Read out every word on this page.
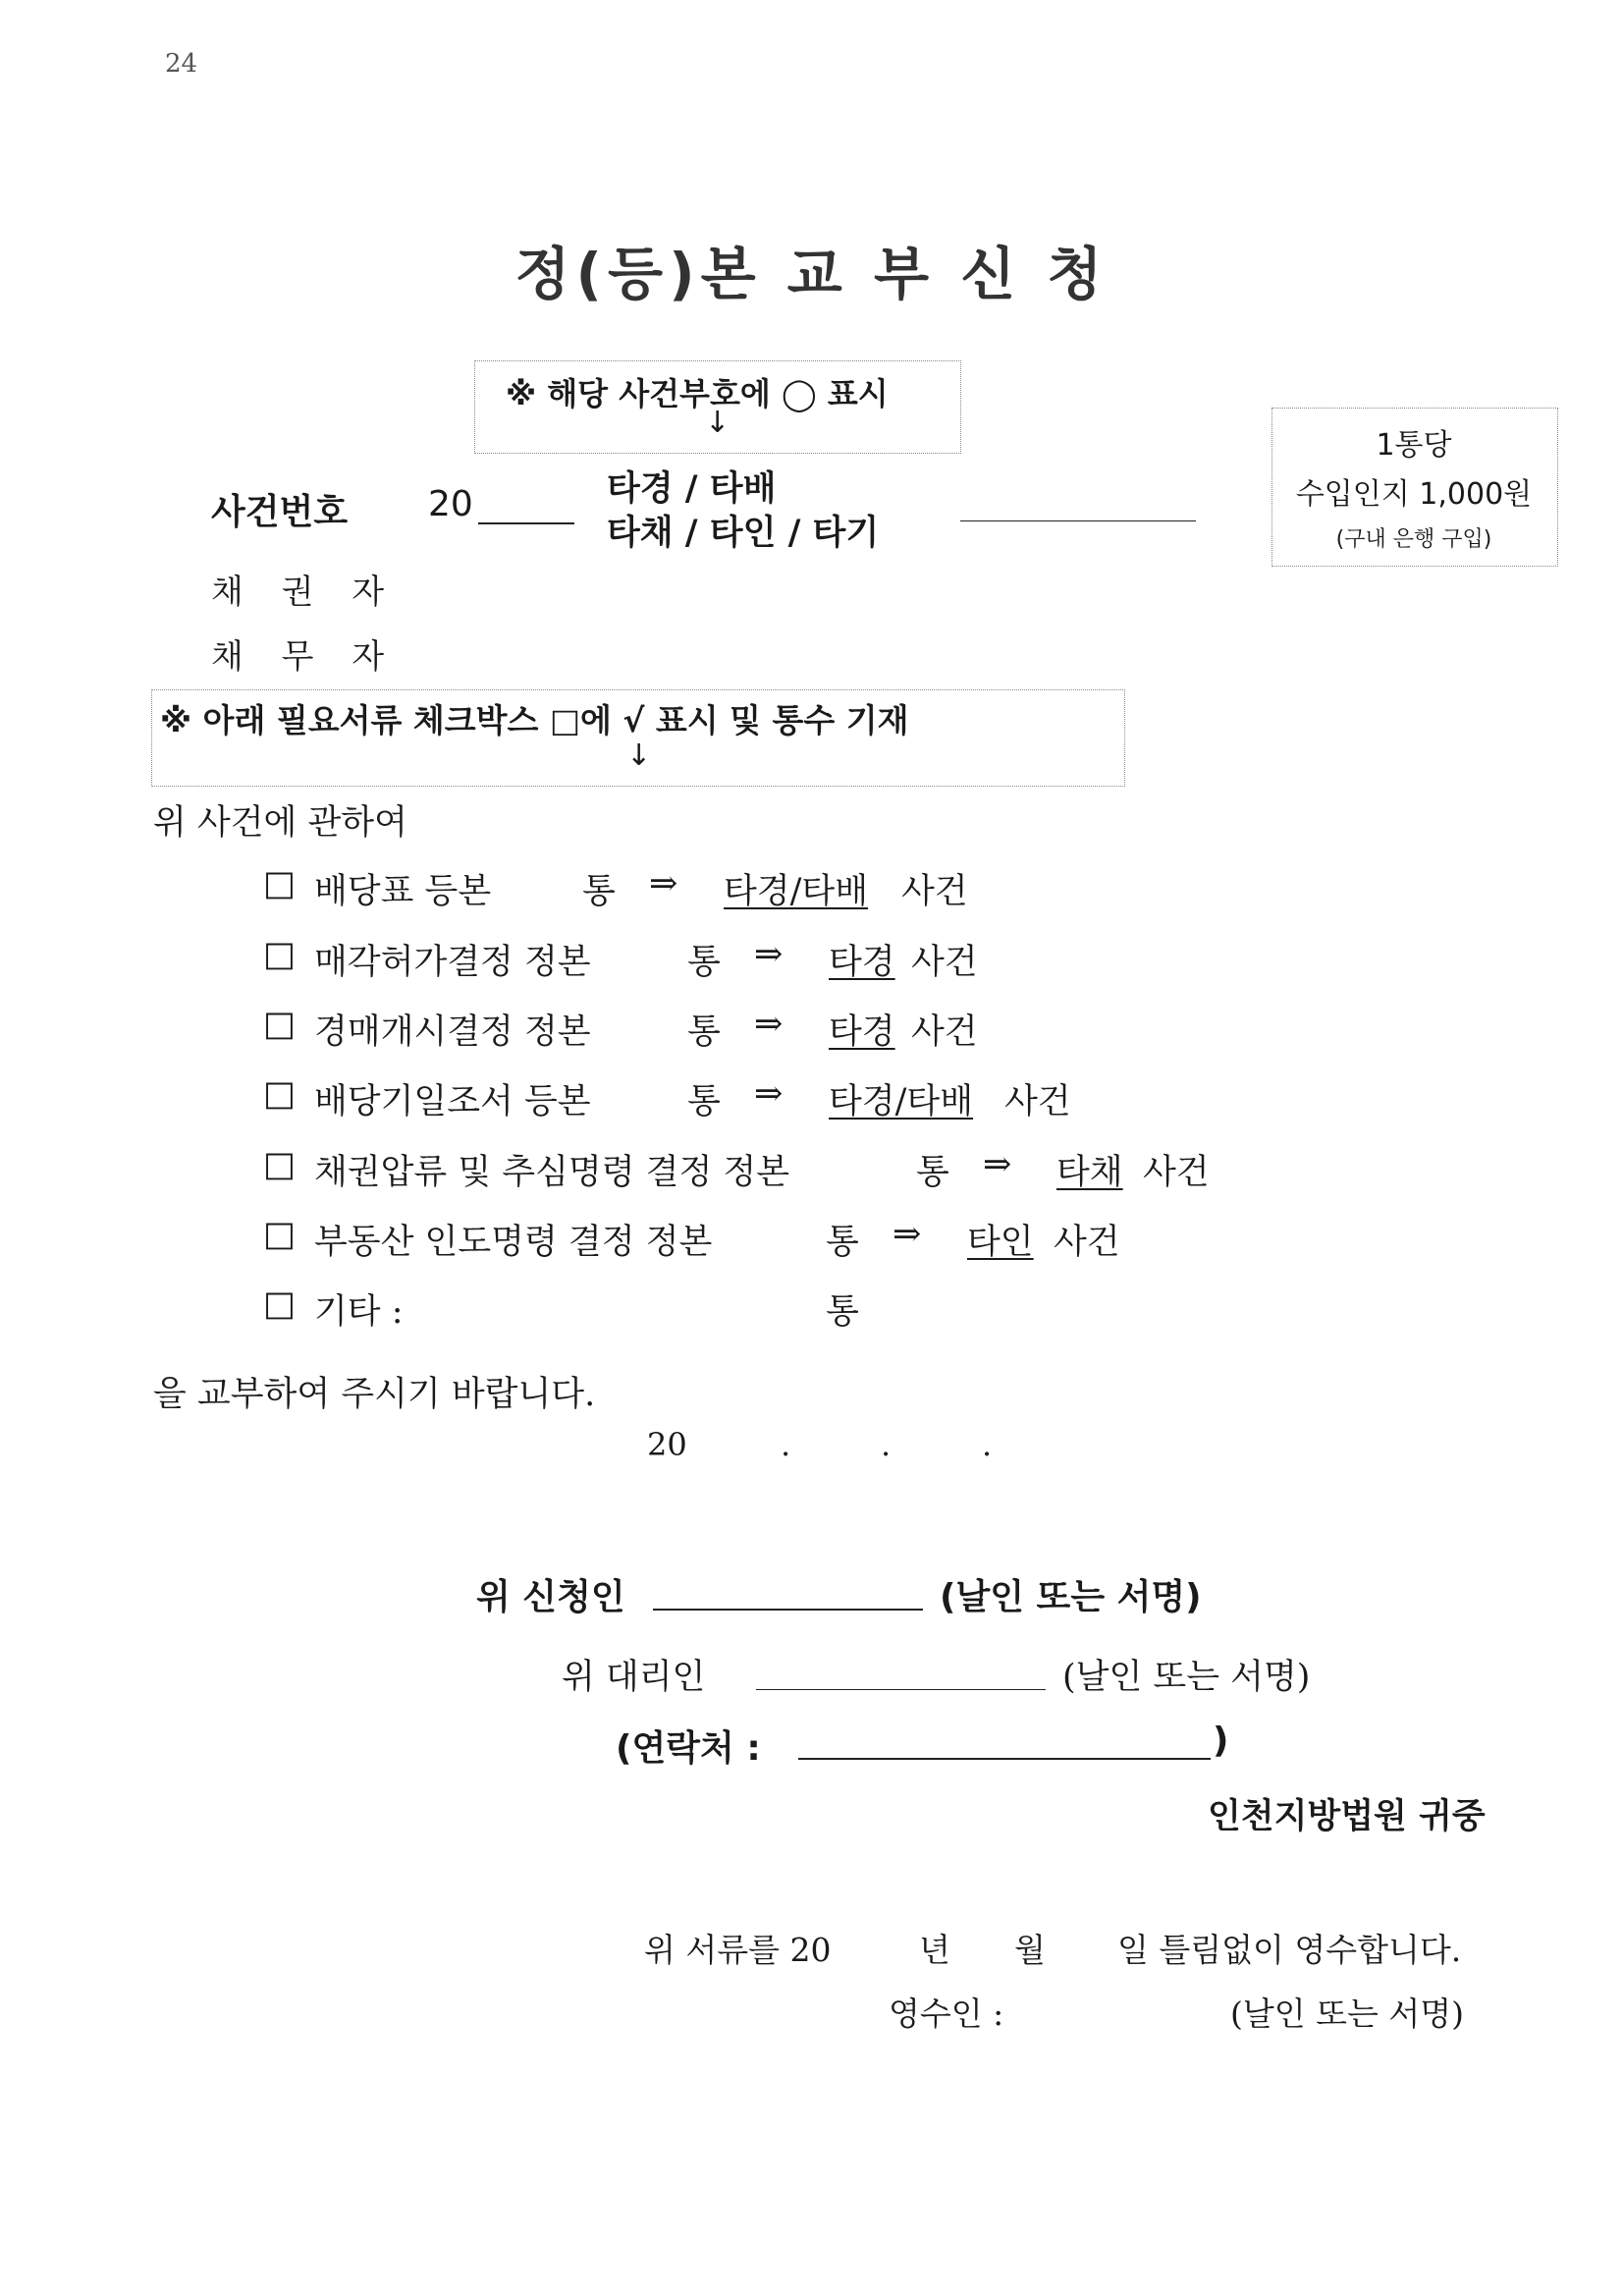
24
정(등)본 교 부 신 청
※ 해당 사건부호에 ◯ 표시
↓
1통당
수입인지 1,000원
(구내 은행 구입)
사건번호 20	타경 / 타배
타채 / 타인 / 타기
채 권 자
채 무 자
※ 아래 필요서류 체크박스 □에 √ 표시 및 통수 기재
↓
위 사건에 관하여
□ 배당표 등본	통 ⇒ 타경/타배 사건
□ 매각허가결정 정본	통 ⇒ 타경 사건
□ 경매개시결정 정본	통 ⇒ 타경 사건
□ 배당기일조서 등본	통 ⇒ 타경/타배 사건
□ 채권압류 및 추심명령 결정 정본	통 ⇒ 타채 사건
□ 부동산 인도명령 결정 정본	통 ⇒ 타인 사건
□ 기타 :	통
을 교부하여 주시기 바랍니다.
20	.	.	.
위 신청인	(날인 또는 서명)
위 대리인	(날인 또는 서명)
(연락처 :	)
인천지방법원 귀중
위 서류를 20	년 월 일 틀림없이 영수합니다.
영수인 :	(날인 또는 서명)
